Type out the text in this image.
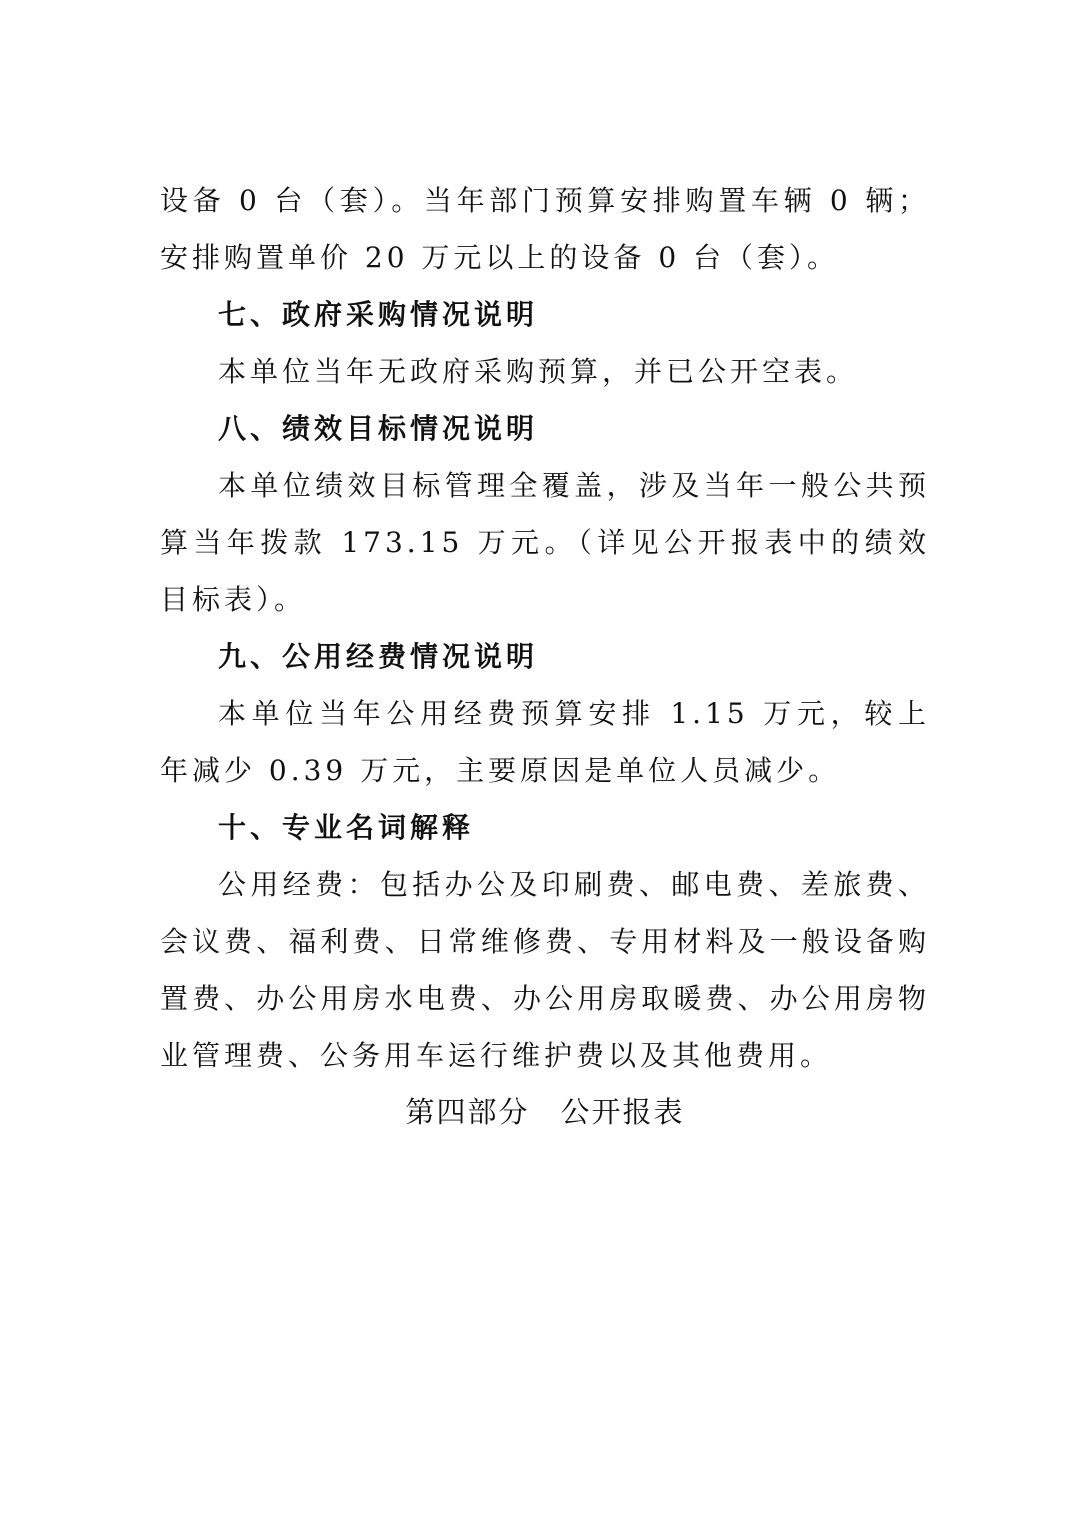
设备 0 台（套）。当年部门预算安排购置车辆 0 辆；安排购置单价 20 万元以上的设备 0 台（套）。

七、政府采购情况说明

本单位当年无政府采购预算，并已公开空表。

八、绩效目标情况说明

本单位绩效目标管理全覆盖，涉及当年一般公共预算当年拨款 173.15 万元。（详见公开报表中的绩效目标表）。

九、公用经费情况说明

本单位当年公用经费预算安排 1.15 万元，较上年减少 0.39 万元，主要原因是单位人员减少。

十、专业名词解释

公用经费：包括办公及印刷费、邮电费、差旅费、会议费、福利费、日常维修费、专用材料及一般设备购置费、办公用房水电费、办公用房取暖费、办公用房物业管理费、公务用车运行维护费以及其他费用。

第四部分　公开报表
